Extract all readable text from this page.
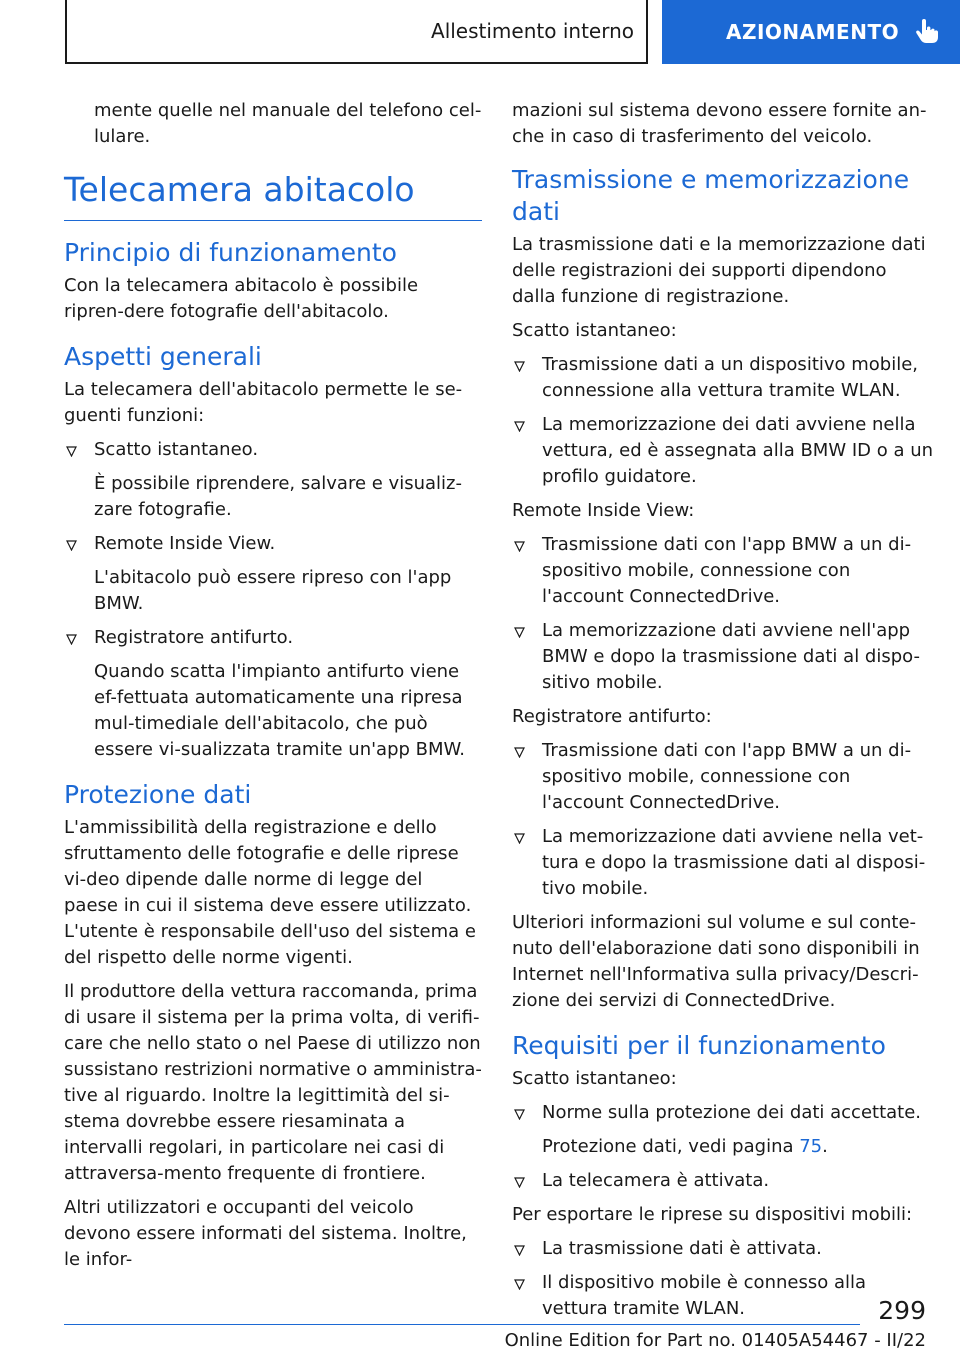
Allestimento interno	AZIONAMENTO

mente quelle nel manuale del telefono cel-lulare.

Telecamera abitacolo
Principio di funzionamento

Con la telecamera abitacolo è possibile ripren-dere fotografie dell'abitacolo.

Aspetti generali

La telecamera dell'abitacolo permette le se-guenti funzioni:

Scatto istantaneo.
È possibile riprendere, salvare e visualiz-zare fotografie.
Remote Inside View.
L'abitacolo può essere ripreso con l'app BMW.
Registratore antifurto.
Quando scatta l'impianto antifurto viene ef-fettuata automaticamente una ripresa mul-timediale dell'abitacolo, che può essere vi-sualizzata tramite un'app BMW.
Protezione dati

L'ammissibilità della registrazione e dello sfruttamento delle fotografie e delle riprese vi-deo dipende dalle norme di legge del paese in cui il sistema deve essere utilizzato. L'utente è responsabile dell'uso del sistema e del rispetto delle norme vigenti.

Il produttore della vettura raccomanda, prima di usare il sistema per la prima volta, di verifi-care che nello stato o nel Paese di utilizzo non sussistano restrizioni normative o amministra-tive al riguardo. Inoltre la legittimità del si-stema dovrebbe essere riesaminata a intervalli regolari, in particolare nei casi di attraversa-mento frequente di frontiere.

Altri utilizzatori e occupanti del veicolo devono essere informati del sistema. Inoltre, le infor-

mazioni sul sistema devono essere fornite an-che in caso di trasferimento del veicolo.

Trasmissione e memorizzazione dati

La trasmissione dati e la memorizzazione dati delle registrazioni dei supporti dipendono dalla funzione di registrazione.

Scatto istantaneo:

Trasmissione dati a un dispositivo mobile, connessione alla vettura tramite WLAN.
La memorizzazione dei dati avviene nella vettura, ed è assegnata alla BMW ID o a un profilo guidatore.

Remote Inside View:

Trasmissione dati con l'app BMW a un di-spositivo mobile, connessione con l'account ConnectedDrive.
La memorizzazione dati avviene nell'app BMW e dopo la trasmissione dati al dispo-sitivo mobile.

Registratore antifurto:

Trasmissione dati con l'app BMW a un di-spositivo mobile, connessione con l'account ConnectedDrive.
La memorizzazione dati avviene nella vet-tura e dopo la trasmissione dati al disposi-tivo mobile.

Ulteriori informazioni sul volume e sul conte-nuto dell'elaborazione dati sono disponibili in Internet nell'Informativa sulla privacy/Descri-zione dei servizi di ConnectedDrive.

Requisiti per il funzionamento

Scatto istantaneo:

Norme sulla protezione dei dati accettate.
Protezione dati, vedi pagina 75.
La telecamera è attivata.

Per esportare le riprese su dispositivi mobili:

La trasmissione dati è attivata.
Il dispositivo mobile è connesso alla vettura tramite WLAN.	299
Online Edition for Part no. 01405A54467 - II/22
